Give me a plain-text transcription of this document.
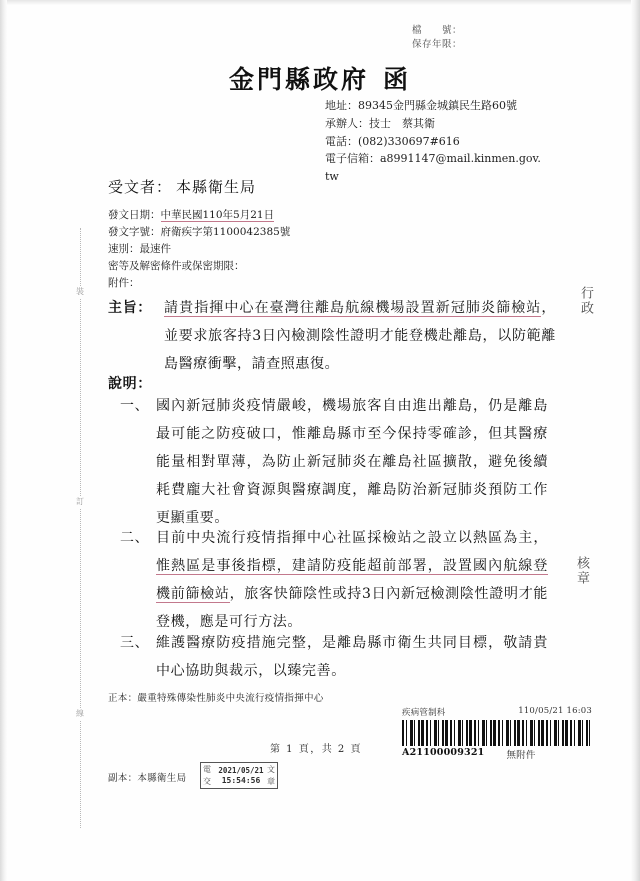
裝
訂
線
檔　　號：
保存年限：
金門縣政府 函
地址：89345金門縣金城鎮民生路60號
承辦人：技士　蔡其衛
電話：(082)330697#616
電子信箱：a8991147@mail.kinmen.gov.
tw
受文者： 本縣衛生局
發文日期：中華民國110年5月21日
發文字號：府衛疾字第1100042385號
速別：最速件
密等及解密條件或保密期限：
附件：
主旨： 請貴指揮中心在臺灣往離島航線機場設置新冠肺炎篩檢站，並要求旅客持3日內檢測陰性證明才能登機赴離島，以防範離島醫療衝擊，請查照惠復。
說明：
一、 國內新冠肺炎疫情嚴峻，機場旅客自由進出離島，仍是離島最可能之防疫破口，惟離島縣市至今保持零確診，但其醫療能量相對單薄，為防止新冠肺炎在離島社區擴散，避免後續耗費龐大社會資源與醫療調度，離島防治新冠肺炎預防工作更顯重要。
二、 目前中央流行疫情指揮中心社區採檢站之設立以熱區為主，惟熱區是事後指標，建請防疫能超前部署，設置國內航線登機前篩檢站，旅客快篩陰性或持3日內新冠檢測陰性證明才能登機，應是可行方法。
三、 維護醫療防疫措施完整，是離島縣市衛生共同目標，敬請貴中心協助與裁示，以臻完善。
正本：嚴重特殊傳染性肺炎中央流行疫情指揮中心
副本：本縣衛生局
電	文
交	章
2021/05/21
15:54:56
第 1 頁，共 2 頁
疾病管制科	110/05/21 16:03
A21100009321 無附件
行政
核章
